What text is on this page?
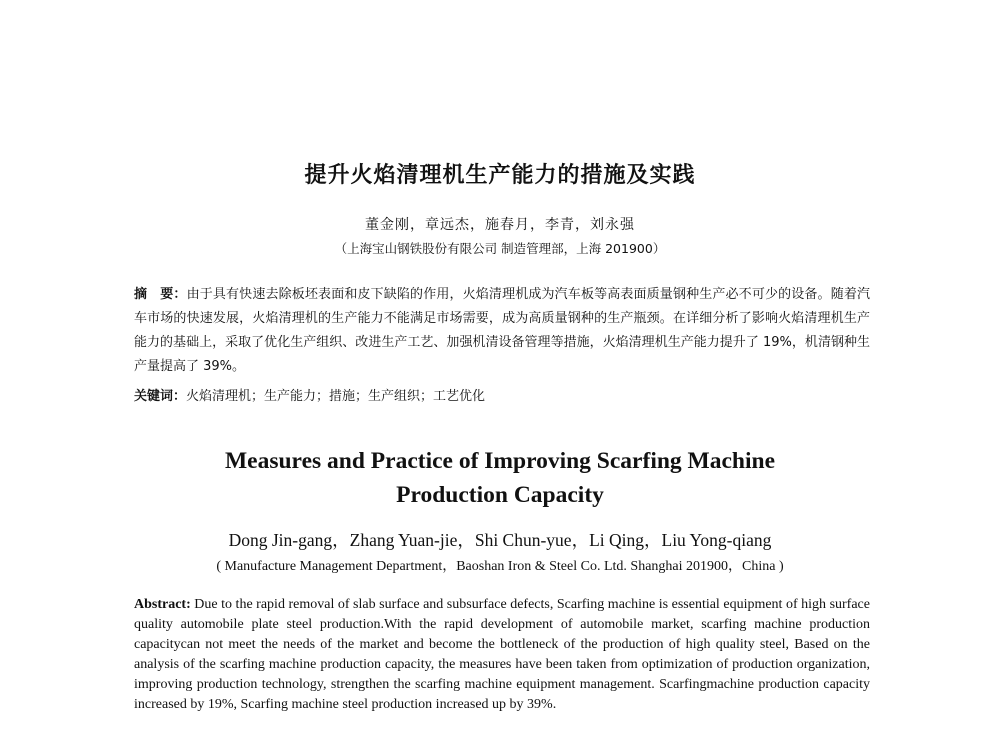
提升火焰清理机生产能力的措施及实践
董金刚，章远杰，施春月，李青，刘永强
（上海宝山钢铁股份有限公司 制造管理部，上海 201900）
摘　要：由于具有快速去除板坯表面和皮下缺陷的作用，火焰清理机成为汽车板等高表面质量钢种生产必不可少的设备。随着汽车市场的快速发展，火焰清理机的生产能力不能满足市场需要，成为高质量钢种的生产瓶颈。在详细分析了影响火焰清理机生产能力的基础上，采取了优化生产组织、改进生产工艺、加强机清设备管理等措施，火焰清理机生产能力提升了 19%，机清钢种生产量提高了 39%。
关键词：火焰清理机；生产能力；措施；生产组织；工艺优化
Measures and Practice of Improving Scarfing Machine
Production Capacity
Dong Jin-gang，Zhang Yuan-jie，Shi Chun-yue，Li Qing，Liu Yong-qiang
( Manufacture Management Department，Baoshan Iron & Steel Co. Ltd. Shanghai 201900，China )
Abstract: Due to the rapid removal of slab surface and subsurface defects, Scarfing machine is essential equipment of high surface quality automobile plate steel production.With the rapid development of automobile market, scarfing machine production capacitycan not meet the needs of the market and become the bottleneck of the production of high quality steel, Based on the analysis of the scarfing machine production capacity, the measures have been taken from optimization of production organization, improving production technology, strengthen the scarfing machine equipment management. Scarfingmachine production capacity increased by 19%, Scarfing machine steel production increased up by 39%.
